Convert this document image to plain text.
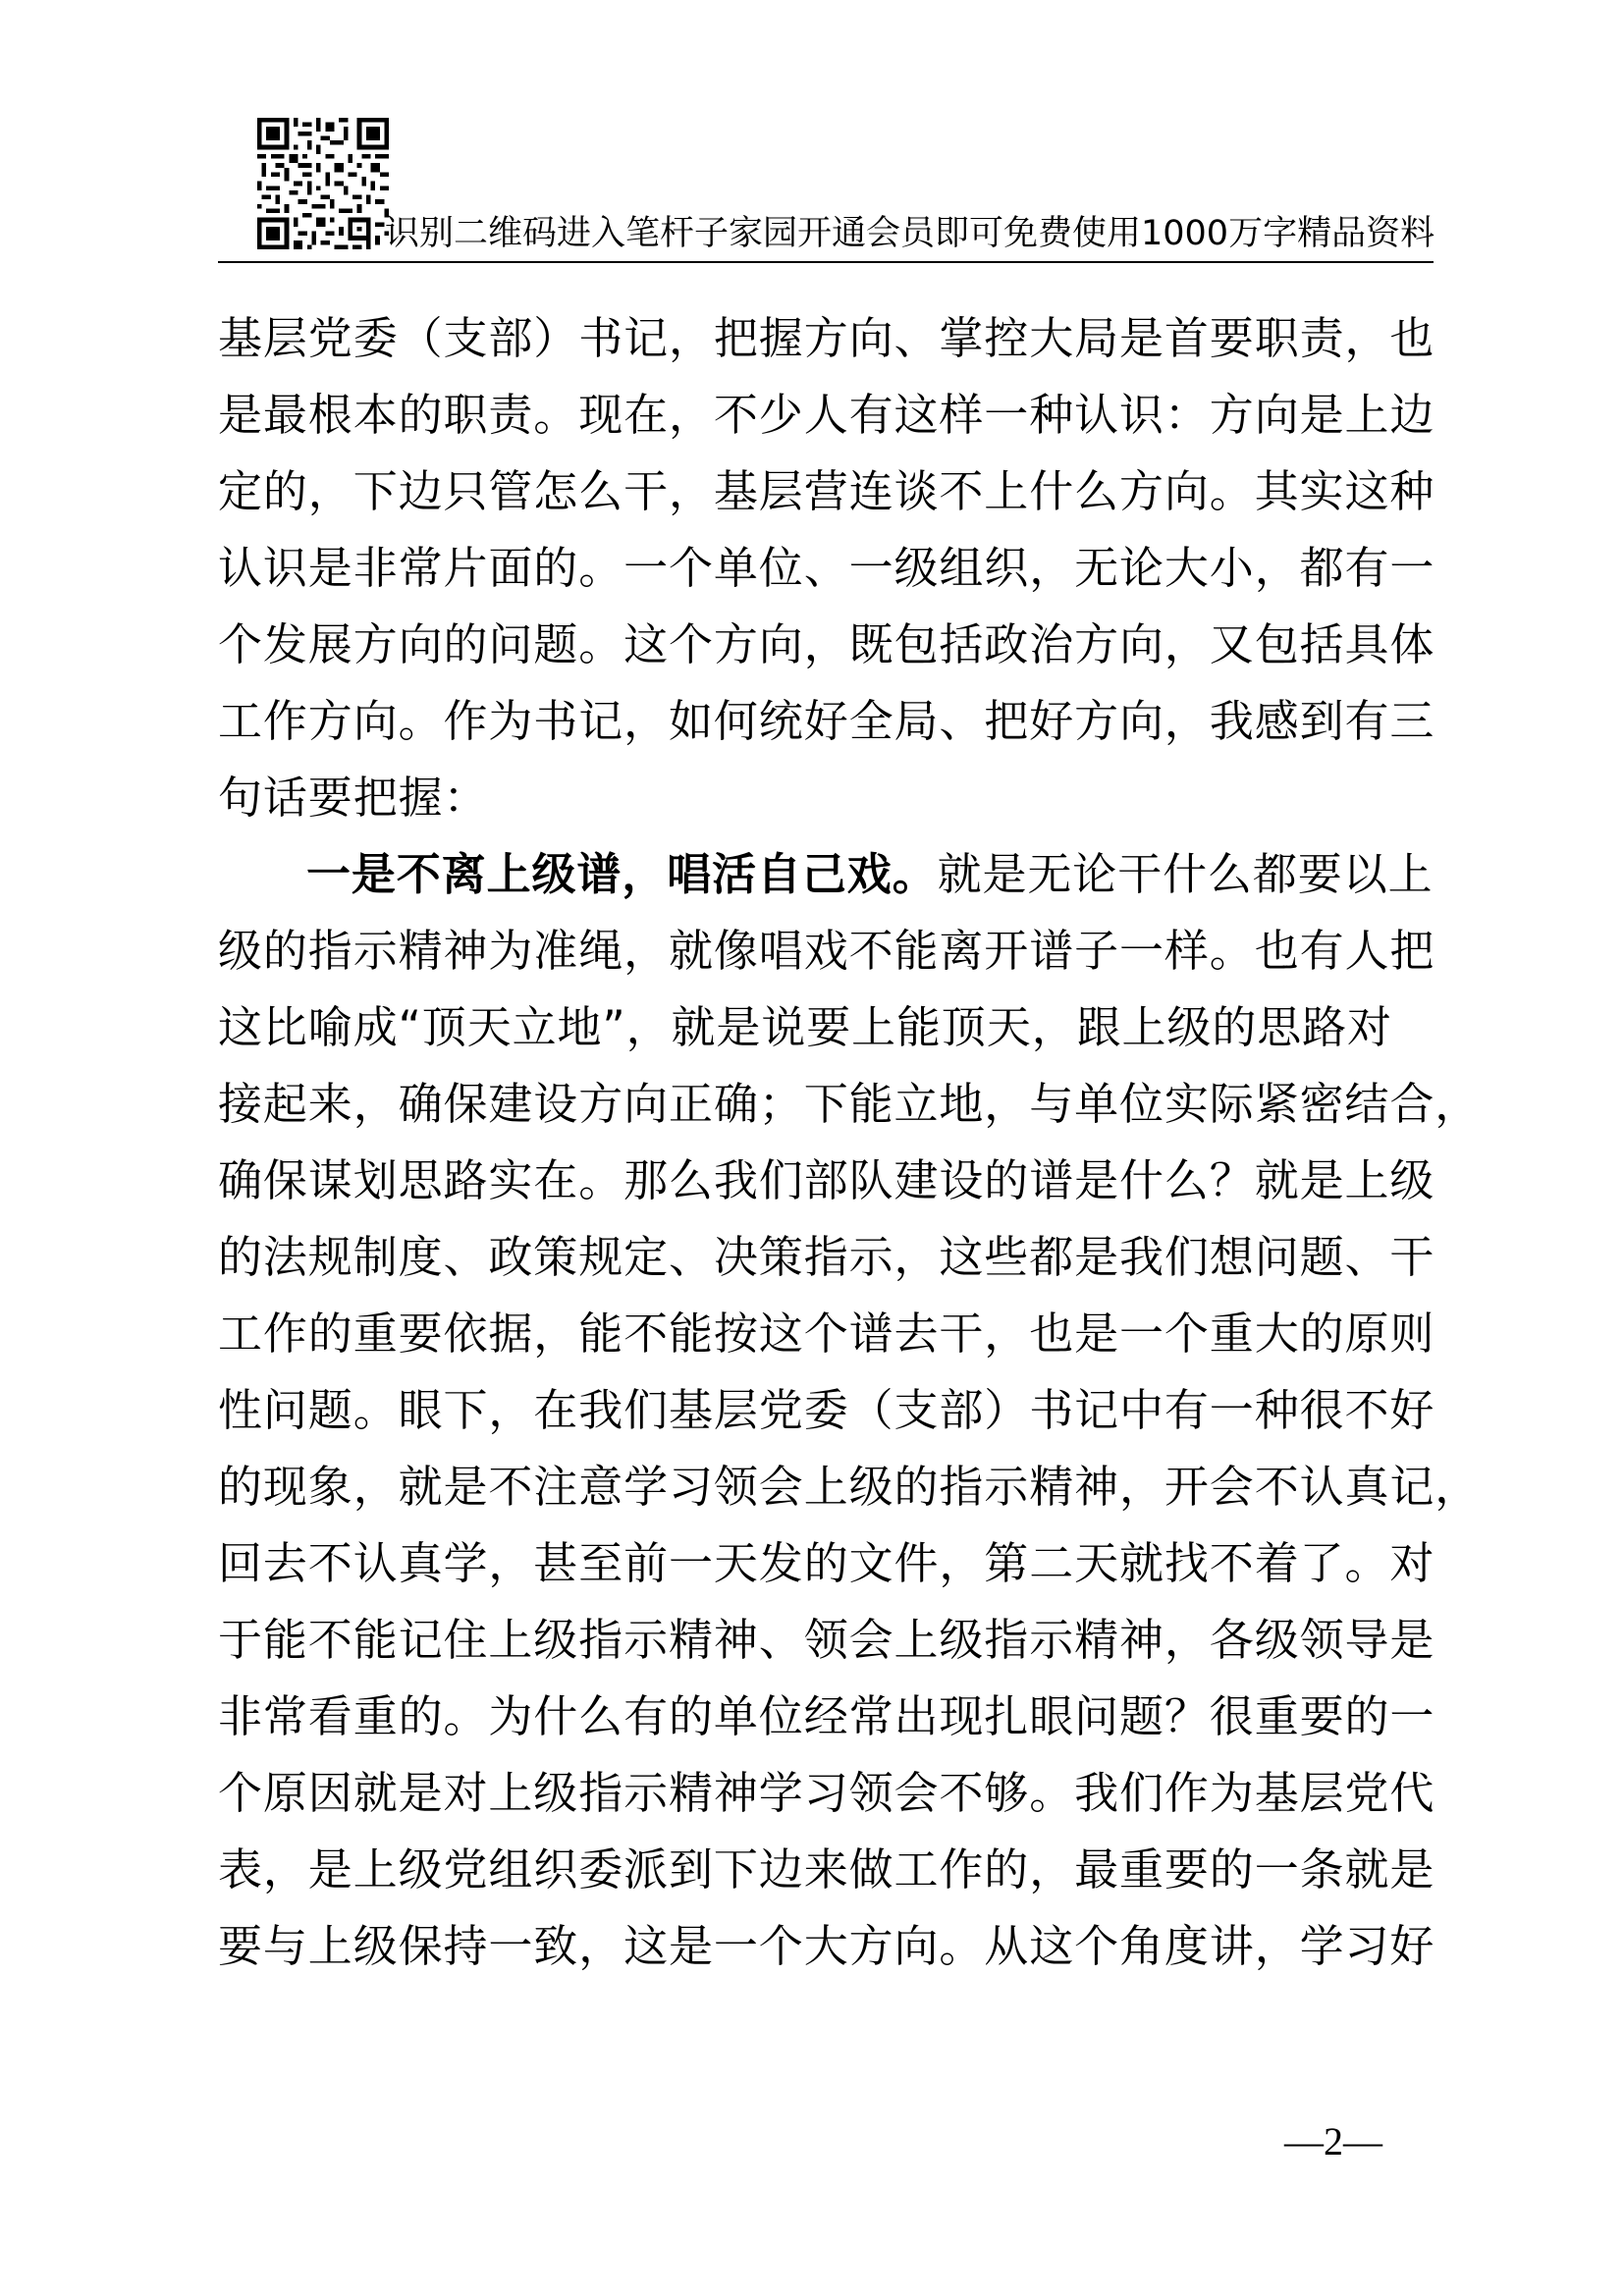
识别二维码进入笔杆子家园开通会员即可免费使用1000万字精品资料
基层党委（支部）书记，把握方向、掌控大局是首要职责，也
是最根本的职责。现在，不少人有这样一种认识：方向是上边
定的，下边只管怎么干，基层营连谈不上什么方向。其实这种
认识是非常片面的。一个单位、一级组织，无论大小，都有一
个发展方向的问题。这个方向，既包括政治方向，又包括具体
工作方向。作为书记，如何统好全局、把好方向，我感到有三
句话要把握：
一是不离上级谱，唱活自己戏。就是无论干什么都要以上
级的指示精神为准绳，就像唱戏不能离开谱子一样。也有人把
这比喻成“顶天立地”，就是说要上能顶天，跟上级的思路对
接起来，确保建设方向正确；下能立地，与单位实际紧密结合，
确保谋划思路实在。那么我们部队建设的谱是什么？就是上级
的法规制度、政策规定、决策指示，这些都是我们想问题、干
工作的重要依据，能不能按这个谱去干，也是一个重大的原则
性问题。眼下，在我们基层党委（支部）书记中有一种很不好
的现象，就是不注意学习领会上级的指示精神，开会不认真记，
回去不认真学，甚至前一天发的文件，第二天就找不着了。对
于能不能记住上级指示精神、领会上级指示精神，各级领导是
非常看重的。为什么有的单位经常出现扎眼问题？很重要的一
个原因就是对上级指示精神学习领会不够。我们作为基层党代
表，是上级党组织委派到下边来做工作的，最重要的一条就是
要与上级保持一致，这是一个大方向。从这个角度讲，学习好
—2—
